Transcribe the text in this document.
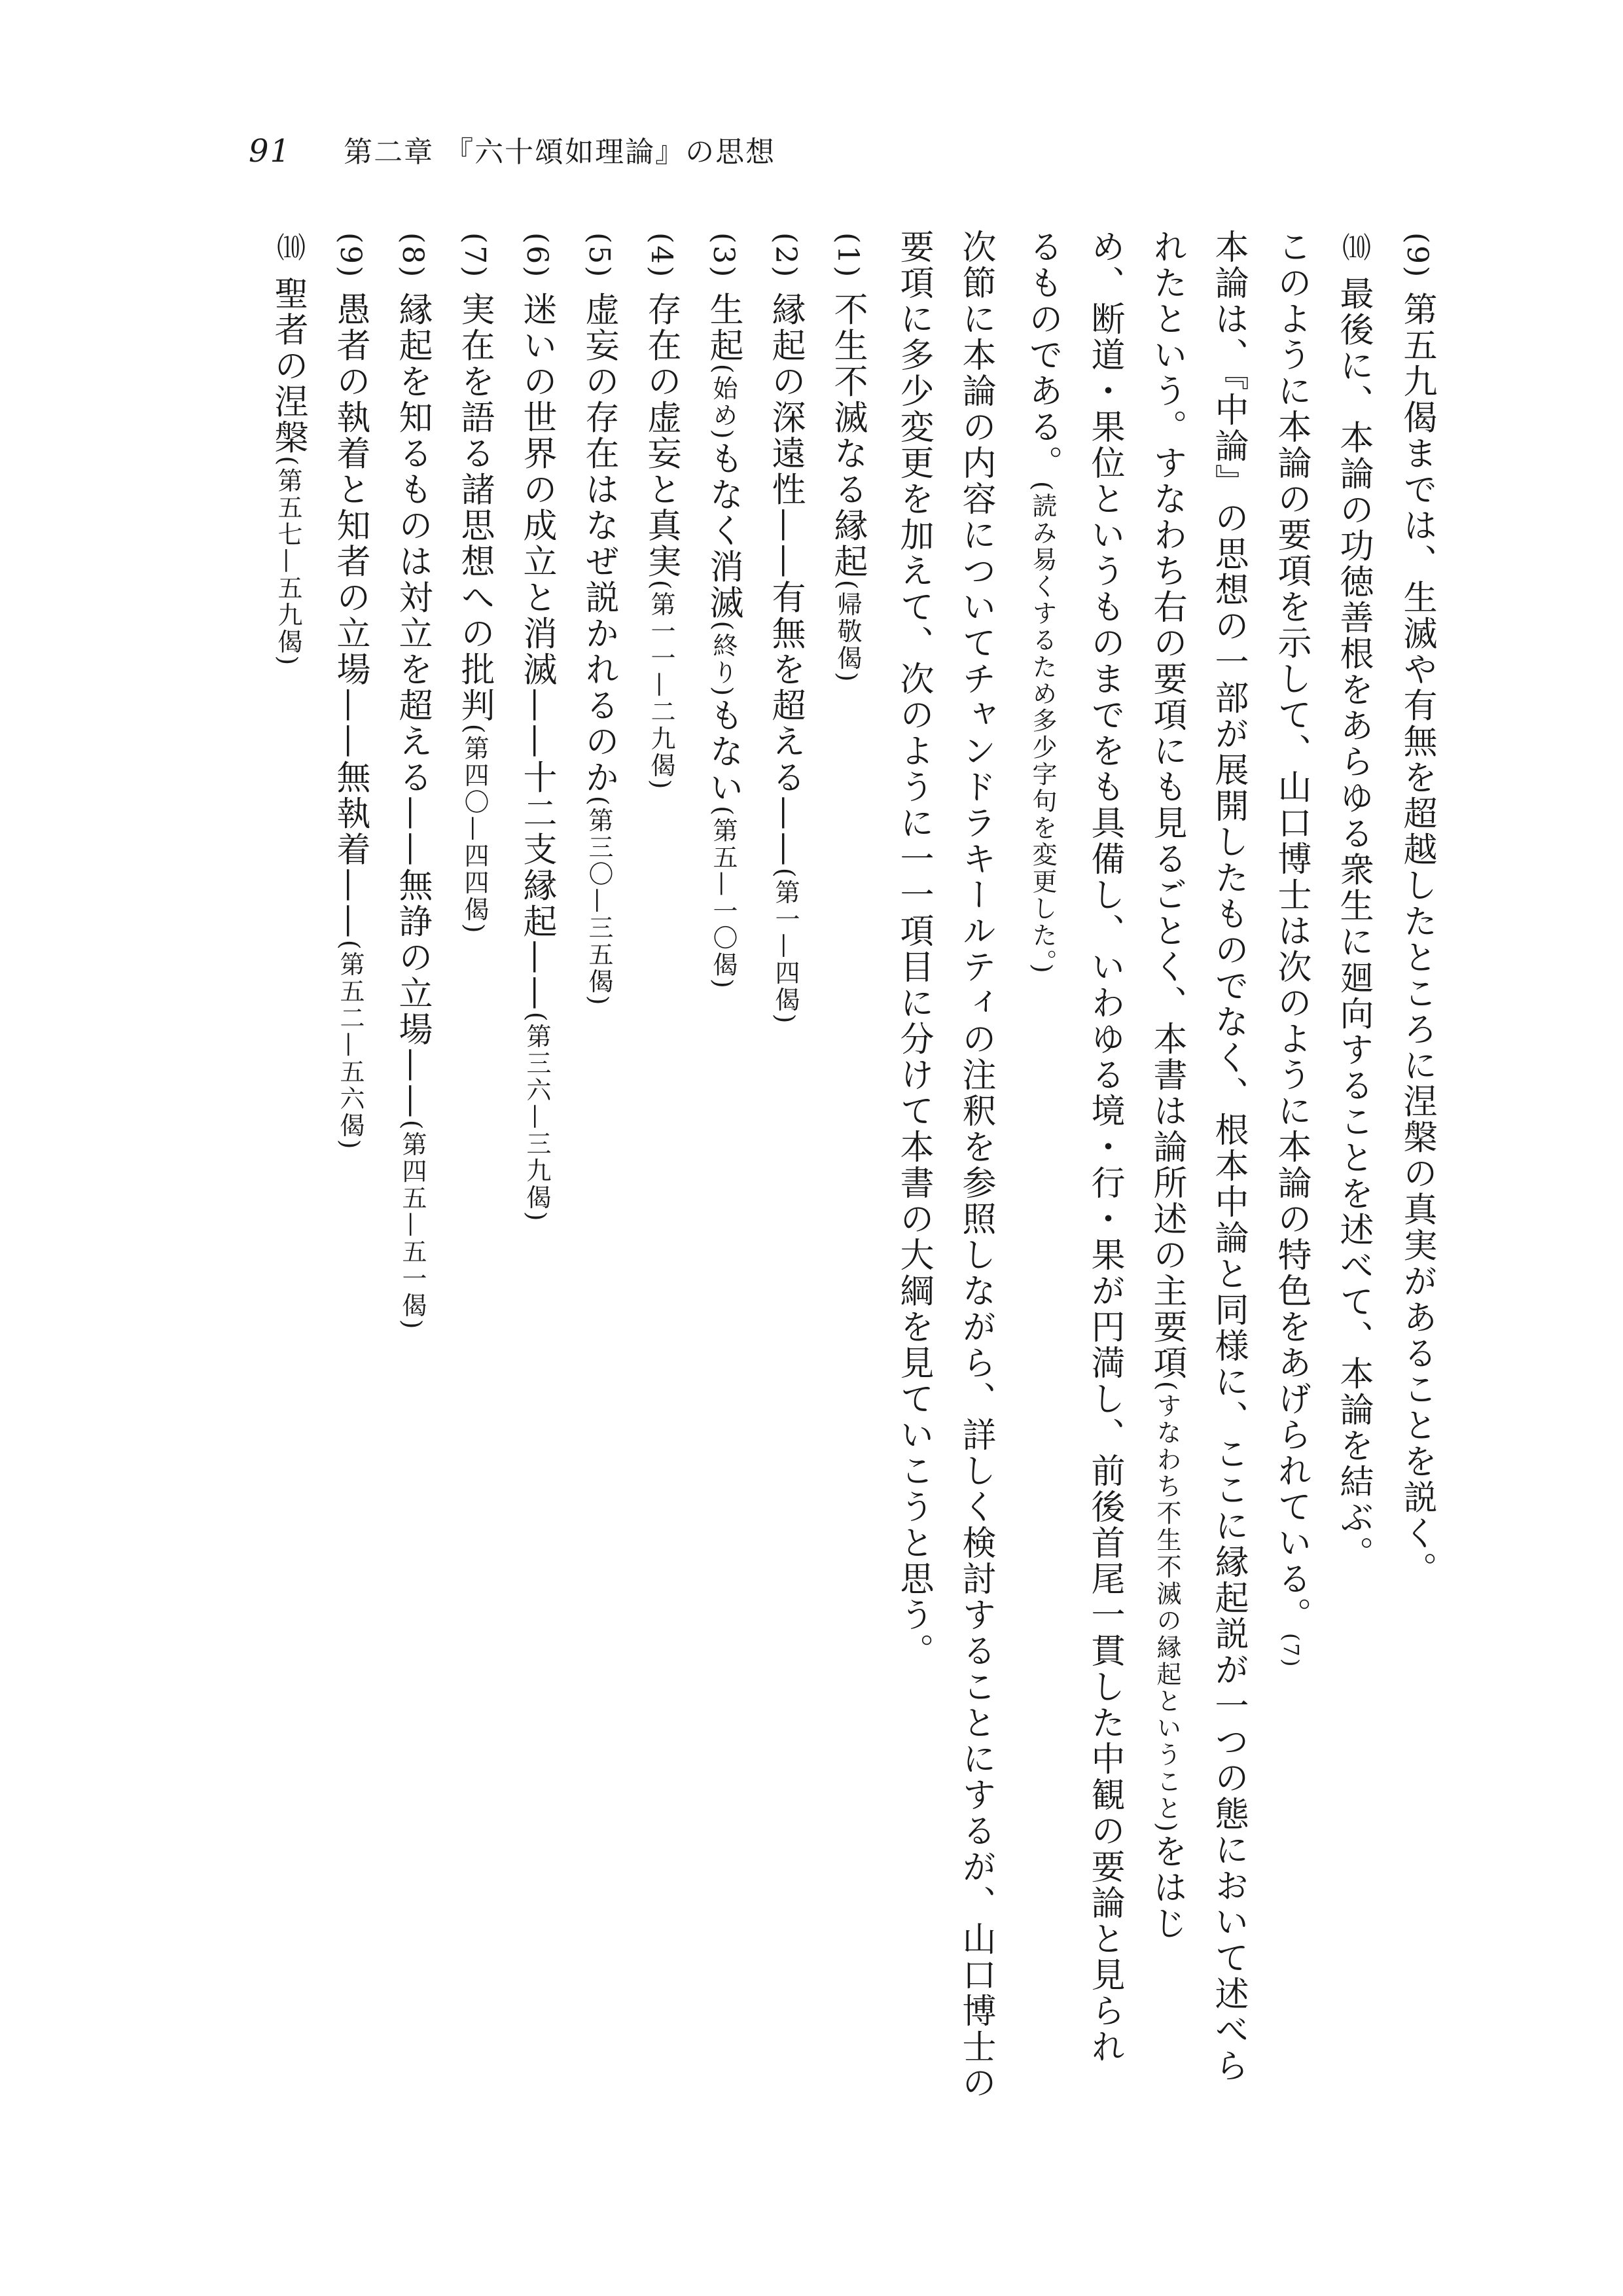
91 第二章 『六十頌如理論』の思想
(9) 第五九偈までは、生滅や有無を超越したところに涅槃の真実があることを説く。
⑽ 最後に、本論の功徳善根をあらゆる衆生に廻向することを述べて、本論を結ぶ。
このように本論の要項を示して、山口博士は次のように本論の特色をあげられている。(7)
本論は、『中論』の思想の一部が展開したものでなく、根本中論と同様に、ここに縁起説が一つの態において述べら
れたという。すなわち右の要項にも見るごとく、本書は論所述の主要項(すなわち不生不滅の縁起ということ)をはじ
め、断道・果位というものまでをも具備し、いわゆる境・行・果が円満し、前後首尾一貫した中観の要論と見られ
るものである。(読み易くするため多少字句を変更した。)
次節に本論の内容についてチャンドラキールティの注釈を参照しながら、詳しく検討することにするが、山口博士の
要項に多少変更を加えて、次のように一一項目に分けて本書の大綱を見ていこうと思う。
(1) 不生不滅なる縁起(帰敬偈)
(2) 縁起の深遠性——有無を超える——(第一—四偈)
(3) 生起(始め)もなく消滅(終り)もない(第五—一〇偈)
(4) 存在の虚妄と真実(第一一—二九偈)
(5) 虚妄の存在はなぜ説かれるのか(第三〇—三五偈)
(6) 迷いの世界の成立と消滅——十二支縁起——(第三六—三九偈)
(7) 実在を語る諸思想への批判(第四〇—四四偈)
(8) 縁起を知るものは対立を超える——無諍の立場——(第四五—五一偈)
(9) 愚者の執着と知者の立場——無執着——(第五二—五六偈)
⑽ 聖者の涅槃(第五七—五九偈)
